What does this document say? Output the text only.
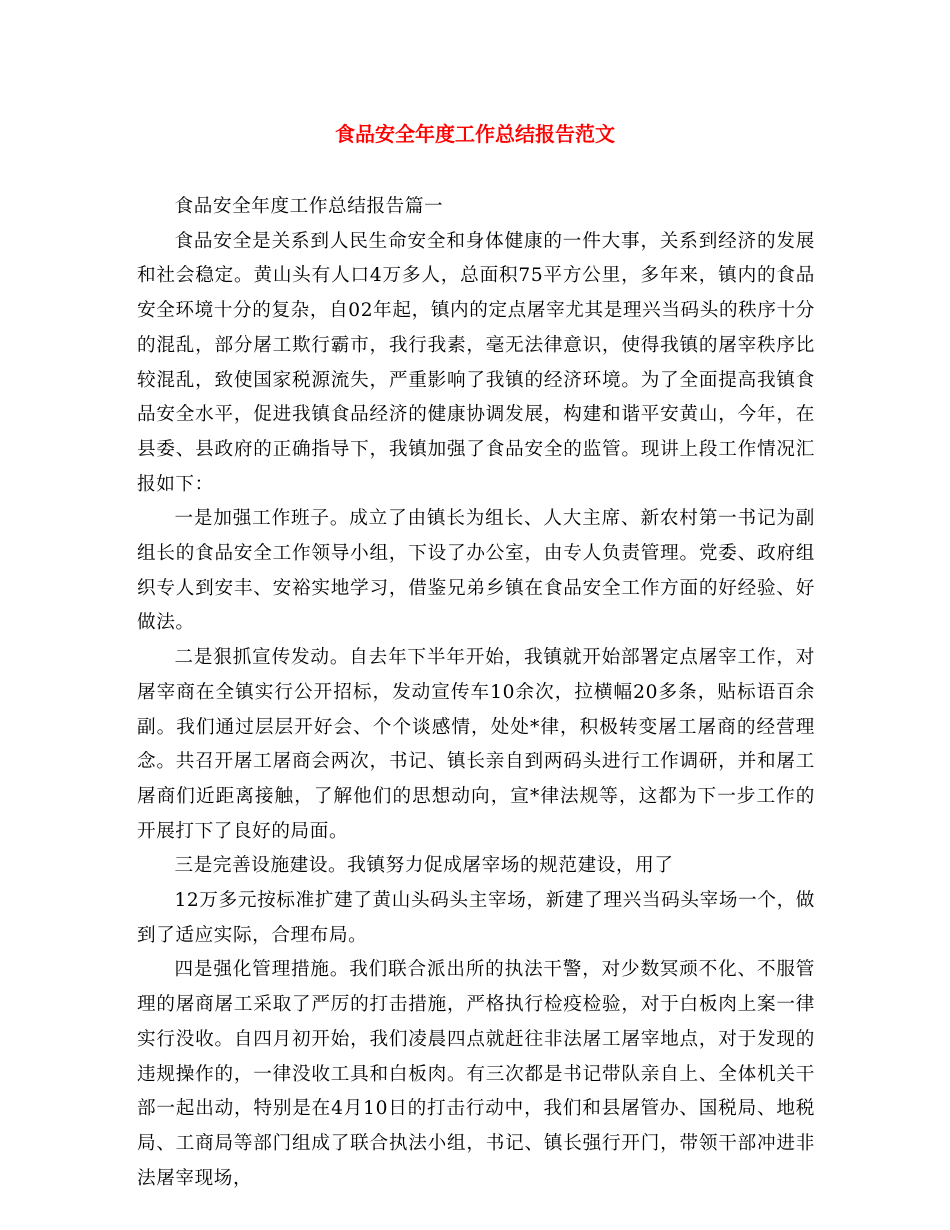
食品安全年度工作总结报告范文

食品安全年度工作总结报告篇一

食品安全是关系到人民生命安全和身体健康的一件大事，关系到经济的发展和社会稳定。黄山头有人口4万多人，总面积75平方公里，多年来，镇内的食品安全环境十分的复杂，自02年起，镇内的定点屠宰尤其是理兴当码头的秩序十分的混乱，部分屠工欺行霸市，我行我素，毫无法律意识，使得我镇的屠宰秩序比较混乱，致使国家税源流失，严重影响了我镇的经济环境。为了全面提高我镇食品安全水平，促进我镇食品经济的健康协调发展，构建和谐平安黄山，今年，在县委、县政府的正确指导下，我镇加强了食品安全的监管。现讲上段工作情况汇报如下：

一是加强工作班子。成立了由镇长为组长、人大主席、新农村第一书记为副组长的食品安全工作领导小组，下设了办公室，由专人负责管理。党委、政府组织专人到安丰、安裕实地学习，借鉴兄弟乡镇在食品安全工作方面的好经验、好做法。

二是狠抓宣传发动。自去年下半年开始，我镇就开始部署定点屠宰工作，对屠宰商在全镇实行公开招标，发动宣传车10余次，拉横幅20多条，贴标语百余副。我们通过层层开好会、个个谈感情，处处*律，积极转变屠工屠商的经营理念。共召开屠工屠商会两次，书记、镇长亲自到两码头进行工作调研，并和屠工屠商们近距离接触，了解他们的思想动向，宣*律法规等，这都为下一步工作的开展打下了良好的局面。

三是完善设施建设。我镇努力促成屠宰场的规范建设，用了

12万多元按标准扩建了黄山头码头主宰场，新建了理兴当码头宰场一个，做到了适应实际，合理布局。

四是强化管理措施。我们联合派出所的执法干警，对少数冥顽不化、不服管理的屠商屠工采取了严厉的打击措施，严格执行检疫检验，对于白板肉上案一律实行没收。自四月初开始，我们凌晨四点就赶往非法屠工屠宰地点，对于发现的违规操作的，一律没收工具和白板肉。有三次都是书记带队亲自上、全体机关干部一起出动，特别是在4月10日的打击行动中，我们和县屠管办、国税局、地税局、工商局等部门组成了联合执法小组，书记、镇长强行开门，带领干部冲进非法屠宰现场，
